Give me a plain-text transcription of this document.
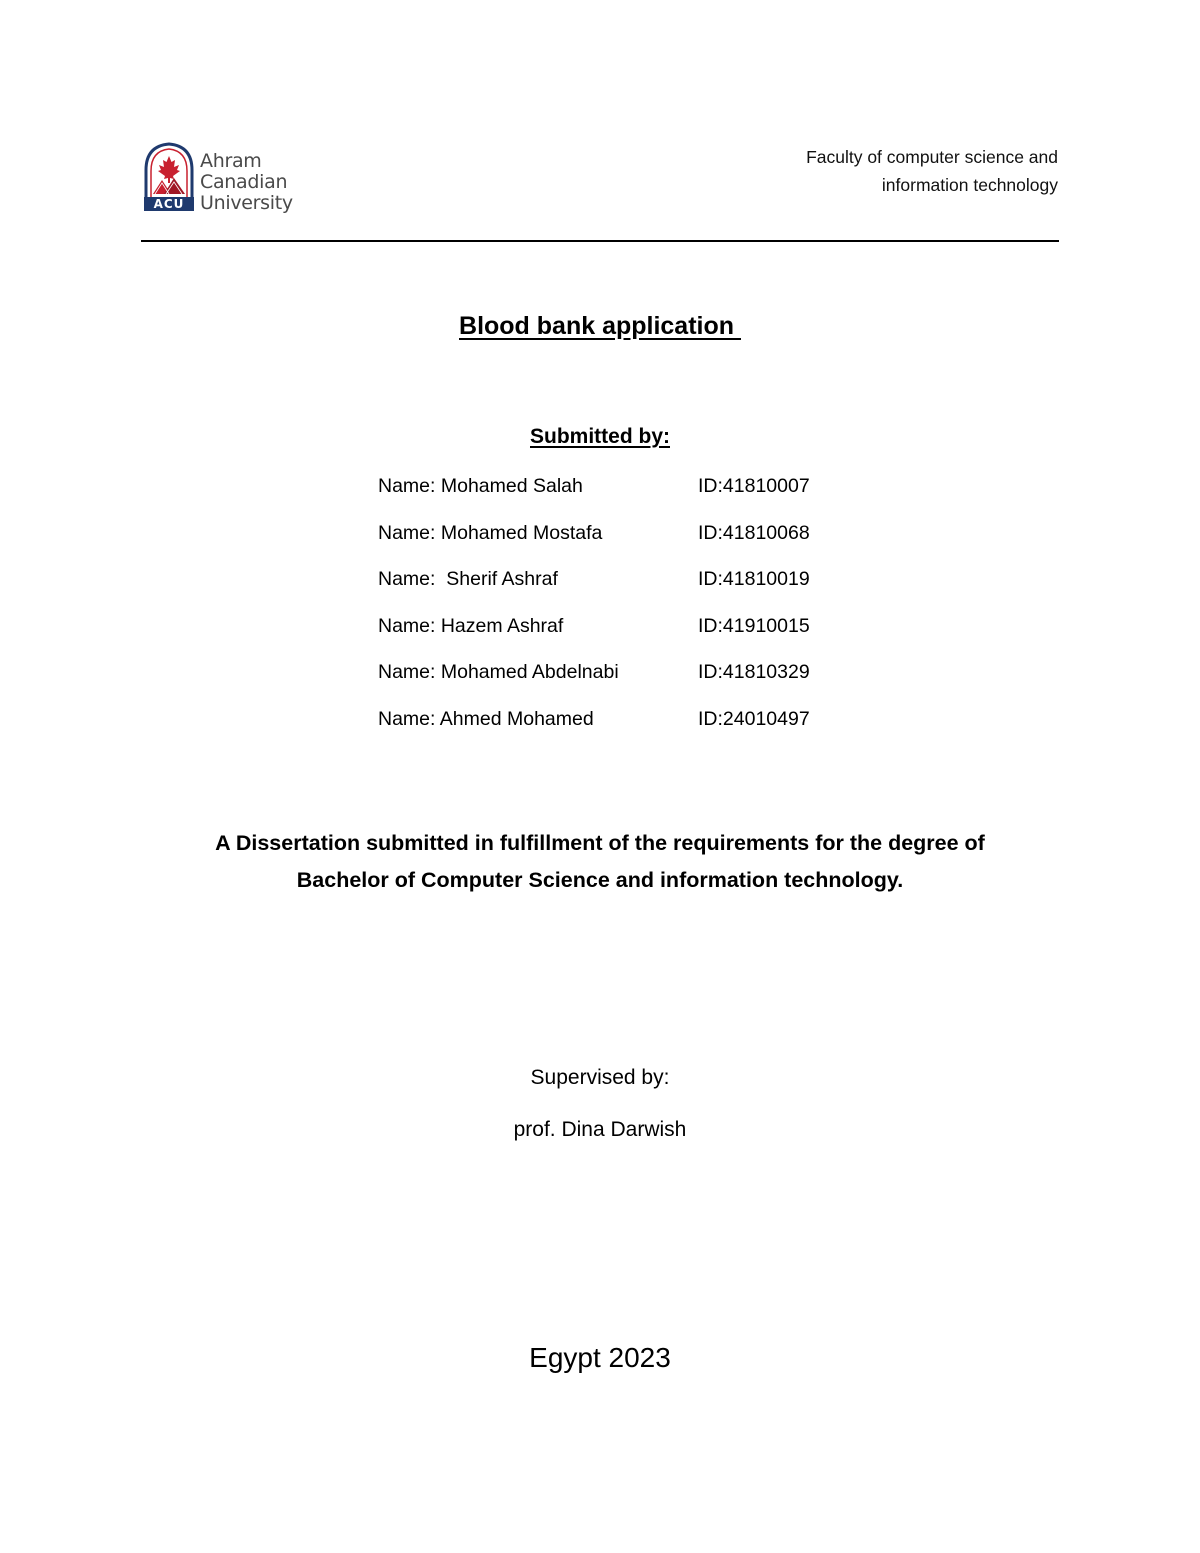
ACU
Ahram
Canadian
University
Faculty of computer science and
information technology
Blood bank application
Submitted by:
Name: Mohamed Salah	ID:41810007
Name: Mohamed Mostafa	ID:41810068
Name:  Sherif Ashraf	ID:41810019
Name: Hazem Ashraf	ID:41910015
Name: Mohamed Abdelnabi	ID:41810329
Name: Ahmed Mohamed	ID:24010497
A Dissertation submitted in fulfillment of the requirements for the degree of
Bachelor of Computer Science and information technology.
Supervised by:
prof. Dina Darwish
Egypt 2023
